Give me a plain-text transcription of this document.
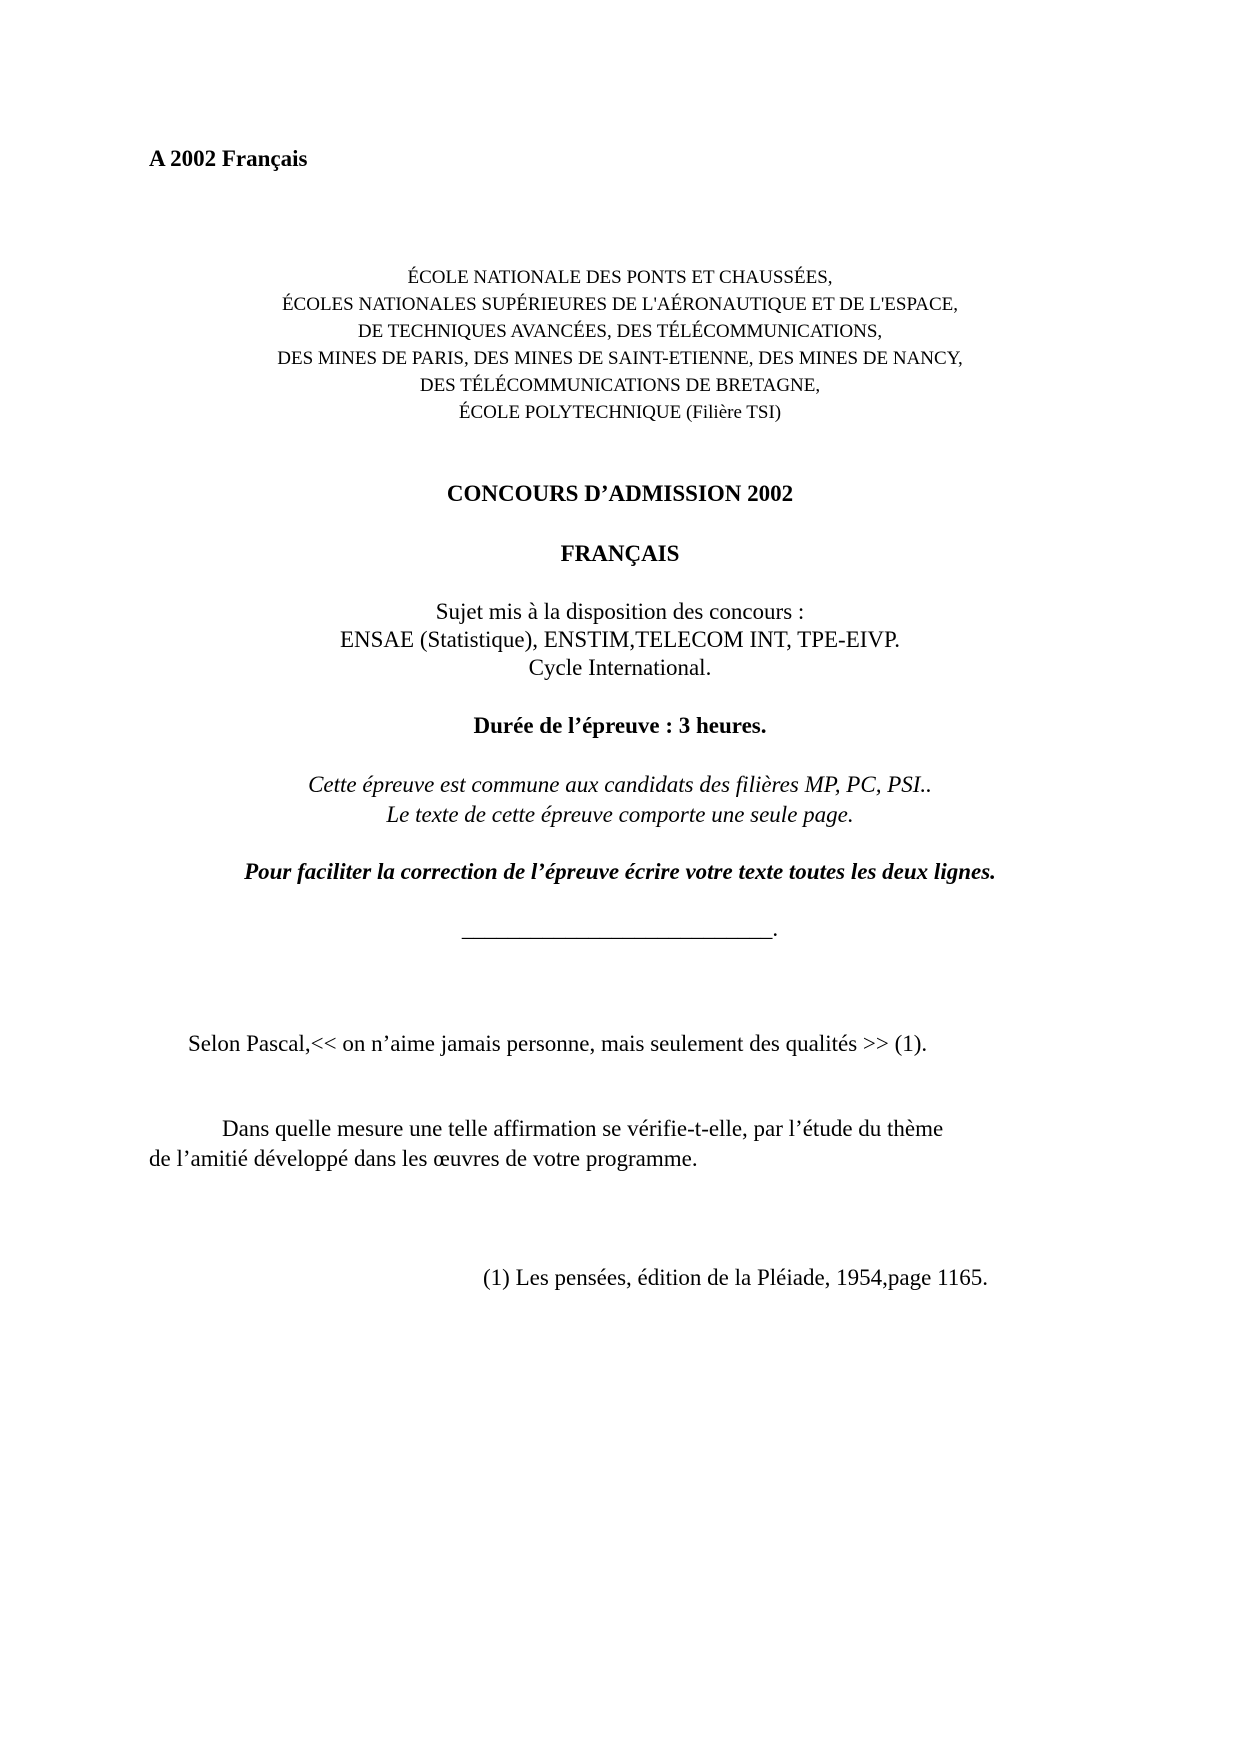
A 2002 Français
ÉCOLE NATIONALE DES PONTS ET CHAUSSÉES,
ÉCOLES NATIONALES SUPÉRIEURES DE L'AÉRONAUTIQUE ET DE L'ESPACE,
DE TECHNIQUES AVANCÉES, DES TÉLÉCOMMUNICATIONS,
DES MINES DE PARIS, DES MINES DE SAINT-ETIENNE, DES MINES DE NANCY,
DES TÉLÉCOMMUNICATIONS DE BRETAGNE,
ÉCOLE POLYTECHNIQUE (Filière TSI)
CONCOURS D’ADMISSION 2002
FRANÇAIS
Sujet mis à la disposition des concours :
ENSAE (Statistique), ENSTIM,TELECOM INT, TPE-EIVP.
Cycle International.
Durée de l’épreuve : 3 heures.
Cette épreuve est commune aux candidats des filières MP, PC, PSI..
Le texte de cette épreuve comporte une seule page.
Pour faciliter la correction de l’épreuve écrire votre texte toutes les deux lignes.
___________________________.
Selon Pascal,<< on n’aime jamais personne, mais seulement des qualités >> (1).
Dans quelle mesure une telle affirmation se vérifie-t-elle, par l’étude du thème
de l’amitié développé dans les œuvres de votre programme.
(1) Les pensées, édition de la Pléiade, 1954,page 1165.
